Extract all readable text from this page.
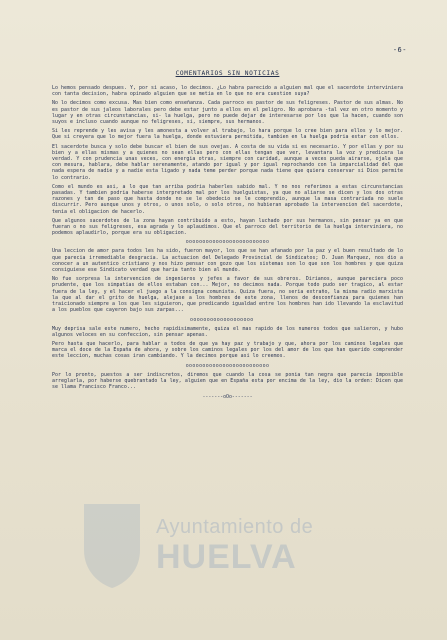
-6-
COMENTARIOS SIN NOTICIAS

Lo hemos pensado despues. Y, por si acaso, lo decimos. ¿Lo habra parecido a alguien mal que el sacerdote interviniera con tanta decision, habra opinado alguien que se metia en lo que no era cuestion suya?

No lo decimos como excusa. Mas bien como enseñanza. Cada parroco es pastor de sus feligreses. Pastor de sus almas. No es pastor de sus jaleos laborales pero debe estar junto a ellos en el peligro. No aprobara -tal vez en otro momento y lugar y en otras circunstancias, si- la huelga, pero no puede dejar de interesarse por los que la hacen, cuando son suyos e incluso cuando aunque no feligreses, si, siempre, sus hermanos.

Si les reprende y les avisa y les amonesta a volver al trabajo, lo hara porque lo cree bien para ellos y lo mejor. Que si creyera que lo mejor fuera la huelga, donde estuviera permitida, tambien en la huelga podria estar con ellos.

El sacerdote busca y solo debe buscar el bien de sus ovejas. A costa de su vida si es necesario. Y por ellas y por su bien y a ellas mismas y a quienes no sean ellas pero con ellas tengan que ver, levantara la voz y predicara la verdad. Y con prudencia unas veces, con energia otras, siempre con caridad, aunque a veces pueda airarse, ojala que con mesura, hablara, debe hablar serenamente, atando por igual y por igual reprochando con la imparcialidad del que nada espera de nadie y a nadie esta ligado y nada teme perder porque nada tiene que quiera conservar si Dios permite lo contrario.

Como el mundo es asi, a lo que tan arriba podria haberles sabido mal. Y no nos referimos a estas circunstancias pasadas. Y tambien podria haberse interpretado mal por los huelguistas, ya que no aliarse se dicen y los dos otras razones y tan de paso que hasta donde no se le obedecio se le comprendio, aunque la masa contrariada no suele discurrir. Pero aunque unos y otros, o unos solo, o solo otros, no hubieran aprobado la intervencion del sacerdote, tenia el obligacion de hacerlo.

Que algunos sacerdotes de la zona hayan contribuido a esto, hayan luchado por sus hermanos, sin pensar ya en que fueran o no sus feligreses, esa agrada y lo aplaudimos. Que el parroco del territorio de la huelga interviniera, no podemos aplaudirlo, porque era su obligacion.

ooooooooooooooooooooooooo

Una leccion de amor para todos les ha sido, fueron mayor, los que se han afanado por la paz y el buen resultado de lo que parecia irremediable desgracia. La actuacion del Delegado Provincial de Sindicatos; D. Juan Marquez, nos dio a conocer a un autentico cristiano y nos hizo pensar con gozo que los sistemas son lo que son los hombres y que quiza consiguiese ese Sindicato verdad que haria tanto bien al mundo.

No fue sorpresa la intervencion de ingenieros y jefes a favor de sus obreros. Dirianos, aunque pareciera poco prudente, que los simpatias de ellos estaban con... Mejor, no decimos nada. Porque todo pudo ser tragico, al estar fuera de la ley, y el hacer el juego a la consigna comunista. Quiza fuera, no seria extraño, la misma radio marxista la que al dar el grito de huelga, alejase a los hombres de este zona, llenos de desconfianza para quienes han traicionado siempre a los que les siguieron, que predicando igualdad entre los hombres han ido llevando la esclavitud a los pueblos que cayeron bajo sus zarpas...

ooooooooooooooooooo

Muy deprisa sale este numero, hecho rapidisimamente, quiza el mas rapido de los numeros todos que salieron, y hubo algunos veloces en su confeccion, sin pensar apenas.

Pero hasta que hacerlo, para hablar a todos de que ya hay paz y trabajo y que, ahora por los caminos legales que marca el doce de la España de ahora, y sobre los caminos legales por los del amor de los que han querido comprender este leccion, muchas cosas iran cambiando. Y la decimos porque asi lo creemos.

ooooooooooooooooooooooooo

Por lo pronto, puestos a ser indiscretos, diremos que cuando la cosa se ponia tan negra que parecia imposible arreglarla, por haberse quebrantado la ley, alguien que en España esta por encima de la ley, dio la orden: Dicen que se llama Francisco Franco...

-------oOo-------
Ayuntamiento de
HUELVA
